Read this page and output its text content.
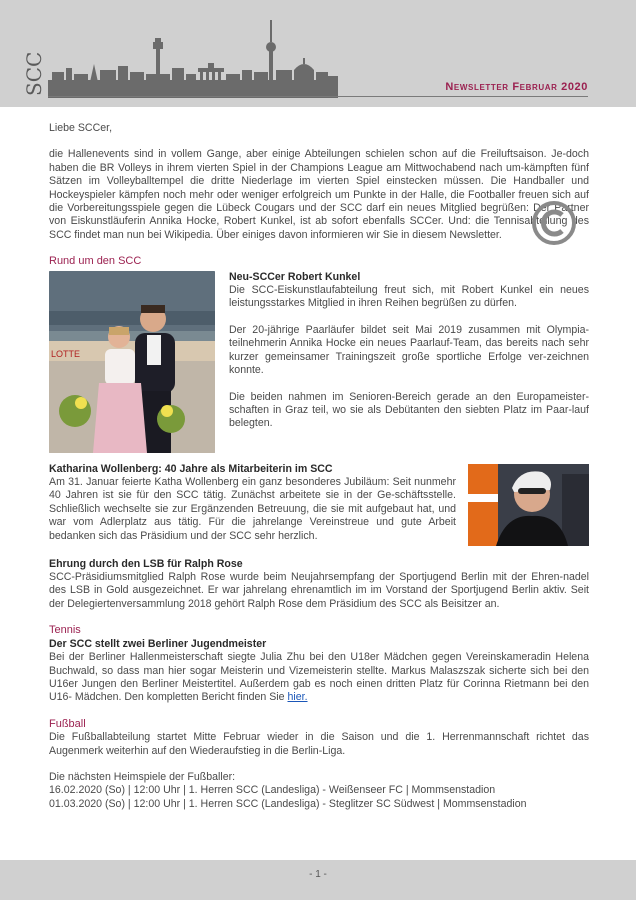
SCC	Newsletter Februar 2020

Liebe SCCer,

die Hallenevents sind in vollem Gange, aber einige Abteilungen schielen schon auf die Freiluftsaison. Je-doch haben die BR Volleys in ihrem vierten Spiel in der Champions League am Mittwochabend nach um-kämpften fünf Sätzen im Volleyballtempel die dritte Niederlage im vierten Spiel einstecken müssen. Die Handballer und Hockeyspieler kämpfen noch mehr oder weniger erfolgreich um Punkte in der Halle, die Footballer freuen sich auf die Vorbereitungsspiele gegen die Lübeck Cougars und der SCC darf ein neues Mitglied begrüßen: Der Partner von Eiskunstläuferin Annika Hocke, Robert Kunkel, ist ab sofort ebenfalls SCCer. Und: die Tennisabteilung des SCC findet man nun bei Wikipedia. Über einiges davon informieren wir Sie in diesem Newsletter.

Rund um den SCC

LOTTE

Neu-SCCer Robert Kunkel

Die SCC-Eiskunstlaufabteilung freut sich, mit Robert Kunkel ein neues leistungsstarkes Mitglied in ihren Reihen begrüßen zu dürfen.

Der 20-jährige Paarläufer bildet seit Mai 2019 zusammen mit Olympia-teilnehmerin Annika Hocke ein neues Paarlauf-Team, das bereits nach sehr kurzer gemeinsamer Trainingszeit große sportliche Erfolge ver-zeichnen konnte.

Die beiden nahmen im Senioren-Bereich gerade an den Europameister-schaften in Graz teil, wo sie als Debütanten den siebten Platz im Paar-lauf belegten.

Katharina Wollenberg: 40 Jahre als Mitarbeiterin im SCC

Am 31. Januar feierte Katha Wollenberg ein ganz besonderes Jubiläum: Seit nunmehr 40 Jahren ist sie für den SCC tätig. Zunächst arbeitete sie in der Ge-schäftsstelle. Schließlich wechselte sie zur Ergänzenden Betreuung, die sie mit aufgebaut hat, und war vom Adlerplatz aus tätig. Für die jahrelange Vereinstreue und gute Arbeit bedanken sich das Präsidium und der SCC sehr herzlich.

Ehrung durch den LSB für Ralph Rose

SCC-Präsidiumsmitglied Ralph Rose wurde beim Neujahrsempfang der Sportjugend Berlin mit der Ehren-nadel des LSB in Gold ausgezeichnet. Er war jahrelang ehrenamtlich im im Vorstand der Sportjugend Berlin aktiv. Seit der Delegiertenversammlung 2018 gehört Ralph Rose dem Präsidium des SCC als Beisitzer an.

Tennis

Der SCC stellt zwei Berliner Jugendmeister

Bei der Berliner Hallenmeisterschaft siegte Julia Zhu bei den U18er Mädchen gegen Vereinskameradin Helena Buchwald, so dass man hier sogar Meisterin und Vizemeisterin stellte. Markus Malaszszak sicherte sich bei den U16er Jungen den Berliner Meistertitel. Außerdem gab es noch einen dritten Platz für Corinna Rietmann bei den U16- Mädchen. Den kompletten Bericht finden Sie hier.

Fußball

Die Fußballabteilung startet Mitte Februar wieder in die Saison und die 1. Herrenmannschaft richtet das Augenmerk weiterhin auf den Wiederaufstieg in die Berlin-Liga.

Die nächsten Heimspiele der Fußballer:

16.02.2020 (So) | 12:00 Uhr | 1. Herren SCC (Landesliga) - Weißenseer FC | Mommsenstadion

01.03.2020 (So) | 12:00 Uhr | 1. Herren SCC (Landesliga) - Steglitzer SC Südwest | Mommsenstadion

- 1 -
